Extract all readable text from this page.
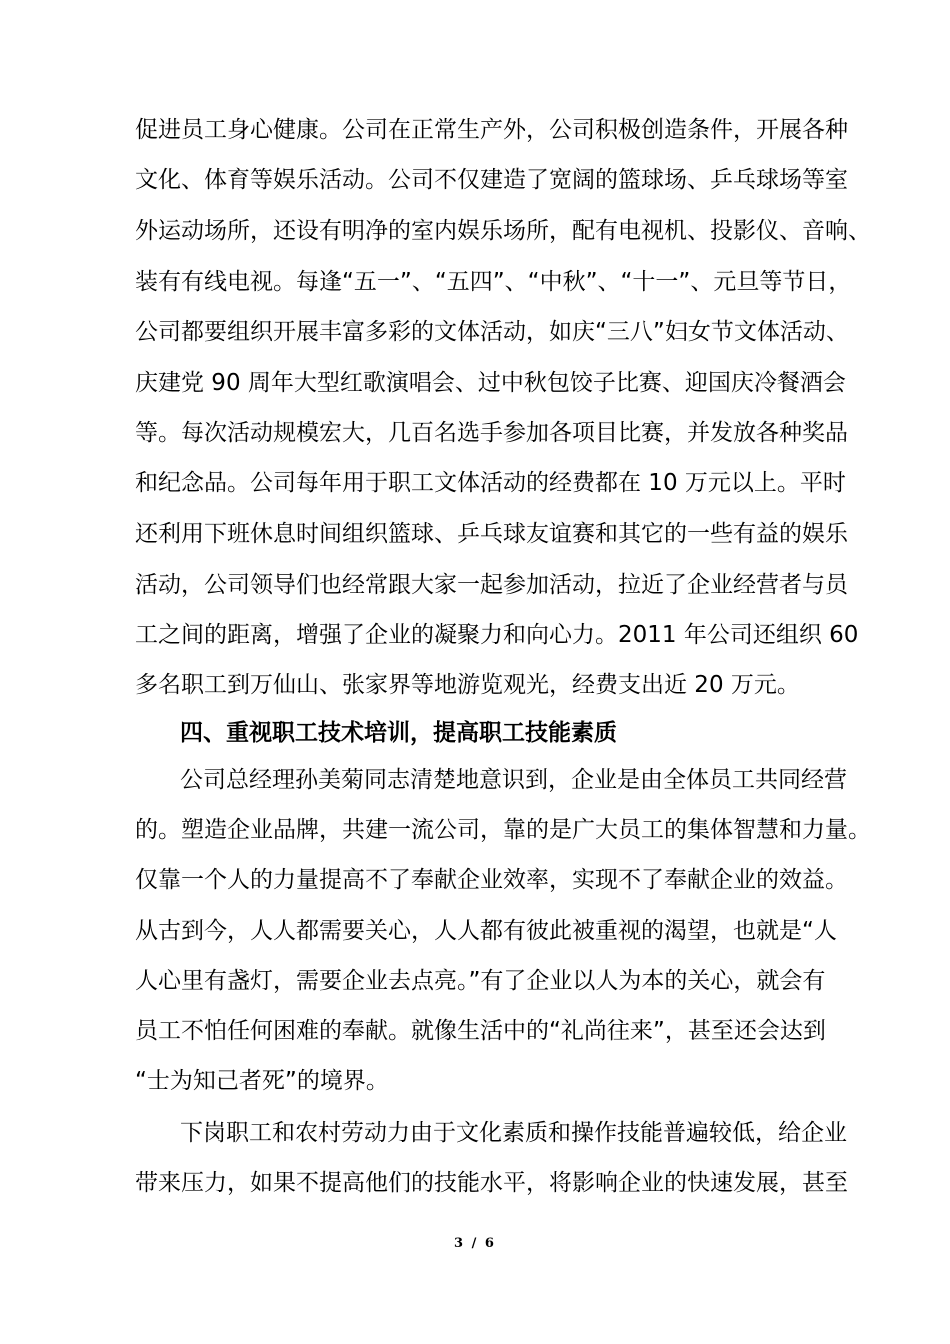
促进员工身心健康。公司在正常生产外，公司积极创造条件，开展各种
文化、体育等娱乐活动。公司不仅建造了宽阔的篮球场、乒乓球场等室
外运动场所，还设有明净的室内娱乐场所，配有电视机、投影仪、音响、
装有有线电视。每逢“五一”、“五四”、“中秋”、“十一”、元旦等节日，
公司都要组织开展丰富多彩的文体活动，如庆“三八”妇女节文体活动、
庆建党 90 周年大型红歌演唱会、过中秋包饺子比赛、迎国庆冷餐酒会
等。每次活动规模宏大，几百名选手参加各项目比赛，并发放各种奖品
和纪念品。公司每年用于职工文体活动的经费都在 10 万元以上。平时
还利用下班休息时间组织篮球、乒乓球友谊赛和其它的一些有益的娱乐
活动，公司领导们也经常跟大家一起参加活动，拉近了企业经营者与员
工之间的距离，增强了企业的凝聚力和向心力。2011 年公司还组织 60
多名职工到万仙山、张家界等地游览观光，经费支出近 20 万元。
四、重视职工技术培训，提高职工技能素质
公司总经理孙美菊同志清楚地意识到，企业是由全体员工共同经营
的。塑造企业品牌，共建一流公司，靠的是广大员工的集体智慧和力量。
仅靠一个人的力量提高不了奉献企业效率，实现不了奉献企业的效益。
从古到今，人人都需要关心，人人都有彼此被重视的渴望，也就是“人
人心里有盏灯，需要企业去点亮。”有了企业以人为本的关心，就会有
员工不怕任何困难的奉献。就像生活中的“礼尚往来”，甚至还会达到
“士为知己者死”的境界。
下岗职工和农村劳动力由于文化素质和操作技能普遍较低，给企业
带来压力，如果不提高他们的技能水平，将影响企业的快速发展，甚至
3 / 6
